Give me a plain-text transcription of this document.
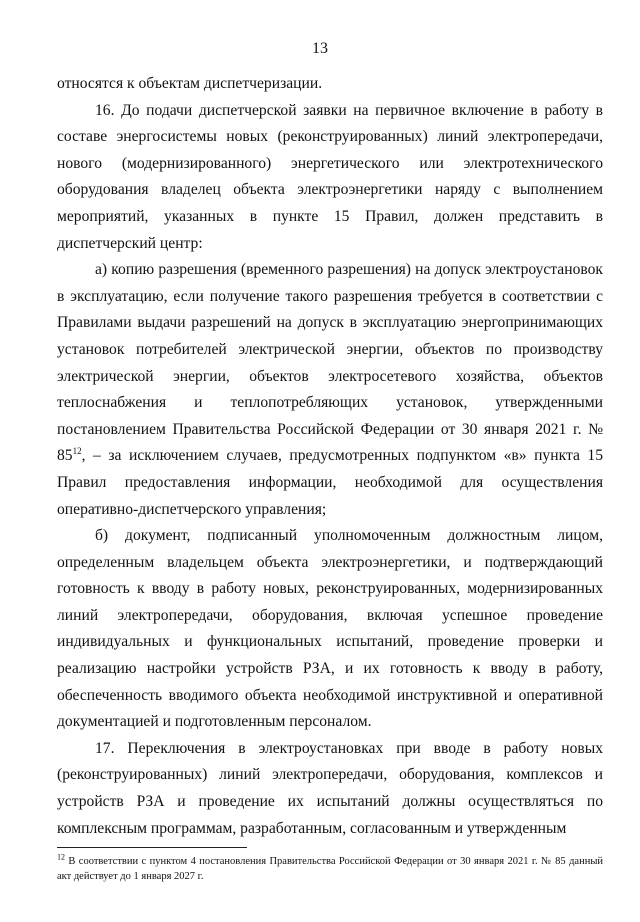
13

относятся к объектам диспетчеризации.

16. До подачи диспетчерской заявки на первичное включение в работу в составе энергосистемы новых (реконструированных) линий электропередачи, нового (модернизированного) энергетического или электротехнического оборудования владелец объекта электроэнергетики наряду с выполнением мероприятий, указанных в пункте 15 Правил, должен представить в диспетчерский центр:

а) копию разрешения (временного разрешения) на допуск электроустановок в эксплуатацию, если получение такого разрешения требуется в соответствии с Правилами выдачи разрешений на допуск в эксплуатацию энергопринимающих установок потребителей электрической энергии, объектов по производству электрической энергии, объектов электросетевого хозяйства, объектов теплоснабжения и теплопотребляющих установок, утвержденными постановлением Правительства Российской Федерации от 30 января 2021 г. № $85^{12}$, – за исключением случаев, предусмотренных подпунктом «в» пункта 15 Правил предоставления информации, необходимой для осуществления оперативно-диспетчерского управления;

б) документ, подписанный уполномоченным должностным лицом, определенным владельцем объекта электроэнергетики, и подтверждающий готовность к вводу в работу новых, реконструированных, модернизированных линий электропередачи, оборудования, включая успешное проведение индивидуальных и функциональных испытаний, проведение проверки и реализацию настройки устройств РЗА, и их готовность к вводу в работу, обеспеченность вводимого объекта необходимой инструктивной и оперативной документацией и подготовленным персоналом.

17. Переключения в электроустановках при вводе в работу новых (реконструированных) линий электропередачи, оборудования, комплексов и устройств РЗА и проведение их испытаний должны осуществляться по комплексным программам, разработанным, согласованным и утвержденным

$^{12}$ В соответствии с пунктом 4 постановления Правительства Российской Федерации от 30 января 2021 г. № 85 данный акт действует до 1 января 2027 г.
